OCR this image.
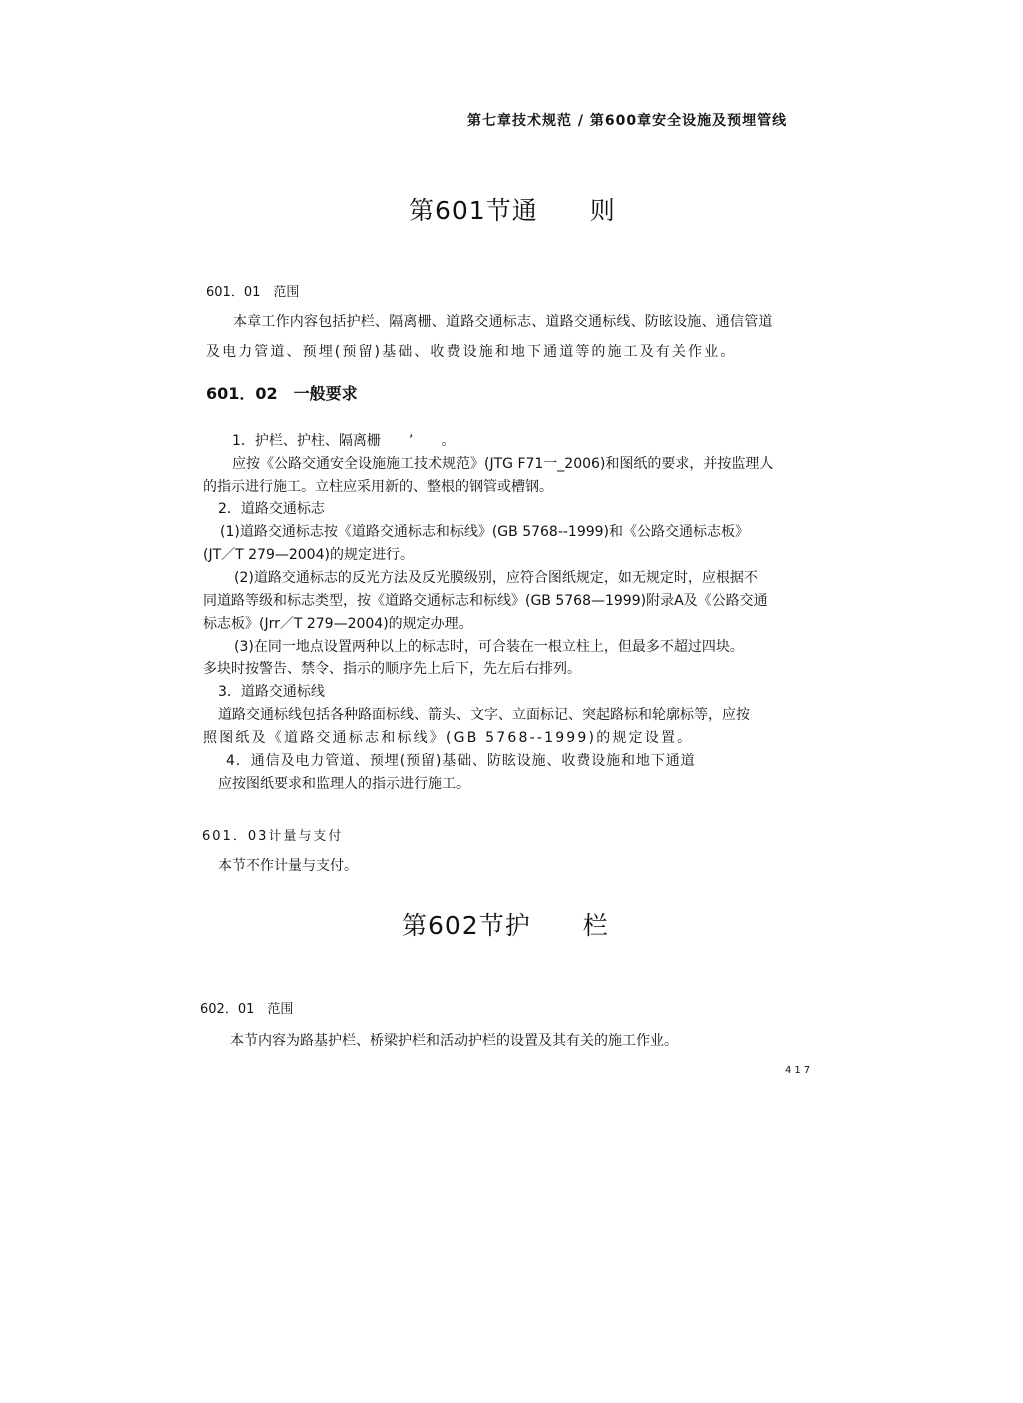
第七章技术规范 / 第600章安全设施及预埋管线
第601节通　　则
601．01　范围
本章工作内容包括护栏、隔离栅、道路交通标志、道路交通标线、防眩设施、通信管道
及电力管道、预埋(预留)基础、收费设施和地下通道等的施工及有关作业。
601．02　一般要求
1．护栏、护柱、隔离栅　　’　　。
应按《公路交通安全设施施工技术规范》(JTG F71一_2006)和图纸的要求，并按监理人
的指示进行施工。立柱应采用新的、整根的钢管或槽钢。
2．道路交通标志
(1)道路交通标志按《道路交通标志和标线》(GB 5768--1999)和《公路交通标志板》
(JT／T 279—2004)的规定进行。
(2)道路交通标志的反光方法及反光膜级别，应符合图纸规定，如无规定时，应根据不
同道路等级和标志类型，按《道路交通标志和标线》(GB 5768—1999)附录A及《公路交通
标志板》(Jrr／T 279—2004)的规定办理。
(3)在同一地点设置两种以上的标志时，可合装在一根立柱上，但最多不超过四块。
多块时按警告、禁令、指示的顺序先上后下，先左后右排列。
3．道路交通标线
道路交通标线包括各种路面标线、箭头、文字、立面标记、突起路标和轮廓标等，应按
照图纸及《道路交通标志和标线》(GB 5768--1999)的规定设置。
4．通信及电力管道、预埋(预留)基础、防眩设施、收费设施和地下通道
应按图纸要求和监理人的指示进行施工。
601．03计量与支付
本节不作计量与支付。
第602节护　　栏
602．01　范围
本节内容为路基护栏、桥梁护栏和活动护栏的设置及其有关的施工作业。
417
